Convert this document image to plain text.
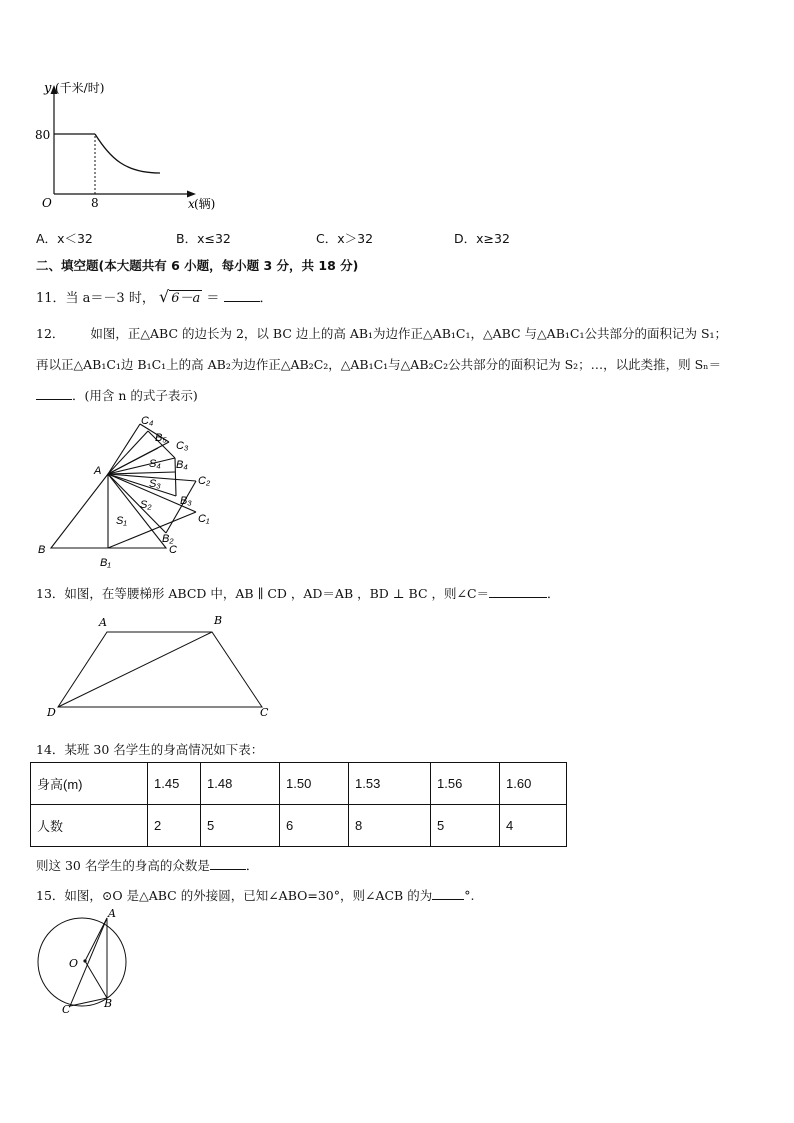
y (千米/时)
80
O	8	x (辆)
A．x＜32	B．x≤32	C．x＞32	D．x≥32
二、填空题(本大题共有 6 小题，每小题 3 分，共 18 分)
11．当 a＝－3 时， √ 6－a ＝	．
12． 如图，正△ABC 的边长为 2，以 BC 边上的高 AB₁为边作正△AB₁C₁，△ABC 与△AB₁C₁公共部分的面积记为 S₁；
再以正△AB₁C₁边 B₁C₁上的高 AB₂为边作正△AB₂C₂，△AB₁C₁与△AB₂C₂公共部分的面积记为 S₂；…，以此类推，则 Sₙ＝
．(用含 n 的式子表示)
C₄
B₅
C₃
S₄ B₄
A
S₃	C₂
S₂	B₃
C₁
S₁
B₂
B	C
B₁
13．如图，在等腰梯形 ABCD 中，AB ∥ CD ，AD＝AB ，BD ⊥ BC ，则∠C＝	．
A	B
D	C
14．某班 30 名学生的身高情况如下表：
身高(m)	1.45	1.48	1.50	1.53	1.56	1.60
人数	2	5	6	8	5	4
则这 30 名学生的身高的众数是	．
15．如图，⊙O 是△ABC 的外接圆，已知∠ABO=30°，则∠ACB 的为	°.
A
O
C	B
